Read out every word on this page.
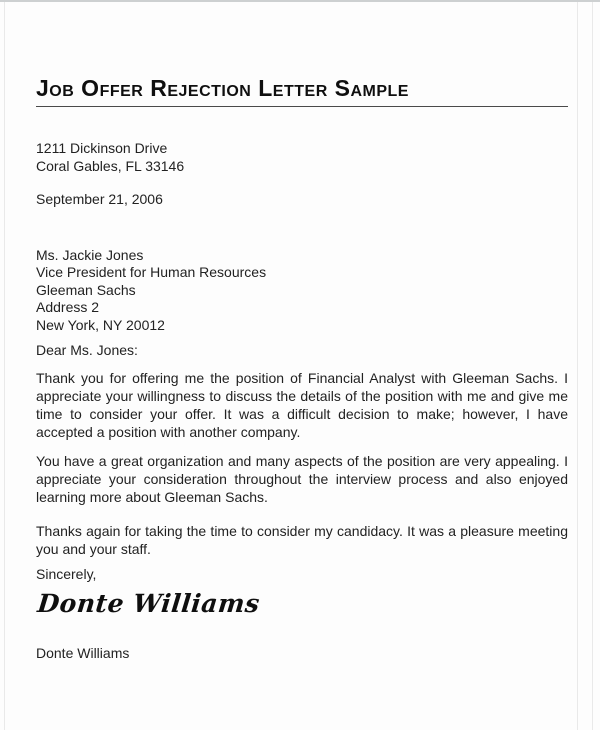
Job Offer Rejection Letter Sample
1211 Dickinson Drive
Coral Gables, FL 33146
September 21, 2006
Ms. Jackie Jones
Vice President for Human Resources
Gleeman Sachs
Address 2
New York, NY 20012
Dear Ms. Jones:

Thank you for offering me the position of Financial Analyst with Gleeman Sachs. I appreciate your willingness to discuss the details of the position with me and give me time to consider your offer. It was a difficult decision to make; however, I have accepted a position with another company.

You have a great organization and many aspects of the position are very appealing. I appreciate your consideration throughout the interview process and also enjoyed learning more about Gleeman Sachs.

Thanks again for taking the time to consider my candidacy. It was a pleasure meeting you and your staff.

Sincerely,
Donte Williams
Donte Williams
